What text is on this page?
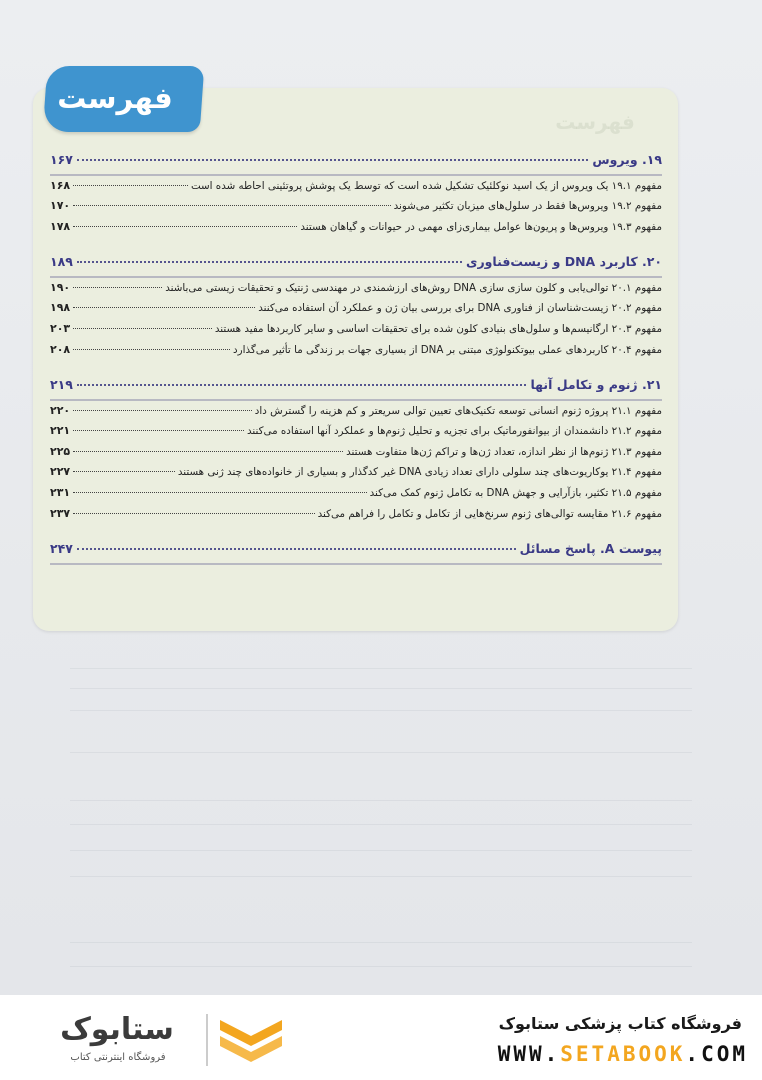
فهرست
فهرست
۱۹. ویروس
۱۶۷
مفهوم ۱۹.۱ یک ویروس از یک اسید نوکلئیک تشکیل شده است که توسط یک پوشش پروتئینی احاطه شده است
۱۶۸
مفهوم ۱۹.۲ ویروس‌ها فقط در سلول‌های میزبان تکثیر می‌شوند
۱۷۰
مفهوم ۱۹.۳ ویروس‌ها و پریون‌ها عوامل بیماری‌زای مهمی در حیوانات و گیاهان هستند
۱۷۸
۲۰. کاربرد DNA و زیست‌فناوری
۱۸۹
مفهوم ۲۰.۱ توالی‌یابی و کلون سازی سازی DNA روش‌های ارزشمندی در مهندسی ژنتیک و تحقیقات زیستی می‌باشند
۱۹۰
مفهوم ۲۰.۲ زیست‌شناسان از فناوری DNA برای بررسی بیان ژن و عملکرد آن استفاده می‌کنند
۱۹۸
مفهوم ۲۰.۳ ارگانیسم‌ها و سلول‌های بنیادی کلون شده برای تحقیقات اساسی و سایر کاربردها مفید هستند
۲۰۳
مفهوم ۲۰.۴ کاربردهای عملی بیوتکنولوژی مبتنی بر DNA از بسیاری جهات بر زندگی ما تأثیر می‌گذارد
۲۰۸
۲۱. ژنوم و تکامل آنها
۲۱۹
مفهوم ۲۱.۱ پروژه ژنوم انسانی توسعه تکنیک‌های تعیین توالی سریعتر و کم هزینه را گسترش داد
۲۲۰
مفهوم ۲۱.۲ دانشمندان از بیوانفورماتیک برای تجزیه و تحلیل ژنوم‌ها و عملکرد آنها استفاده می‌کنند
۲۲۱
مفهوم ۲۱.۳ ژنوم‌ها از نظر اندازه، تعداد ژن‌ها و تراکم ژن‌ها متفاوت هستند
۲۲۵
مفهوم ۲۱.۴ یوکاریوت‌های چند سلولی دارای تعداد زیادی DNA غیر کدگذار و بسیاری از خانواده‌های چند ژنی هستند
۲۲۷
مفهوم ۲۱.۵ تکثیر، بازآرایی و جهش DNA به تکامل ژنوم کمک می‌کند
۲۳۱
مفهوم ۲۱.۶ مقایسه توالی‌های ژنوم سرنخ‌هایی از تکامل و تکامل را فراهم می‌کند
۲۳۷
پیوست A. پاسخ مسائل
۲۴۷
ستابوک
فروشگاه اینترنتی کتاب
فروشگاه کتاب پزشکی ستابوک
WWW.SETABOOK.COM
